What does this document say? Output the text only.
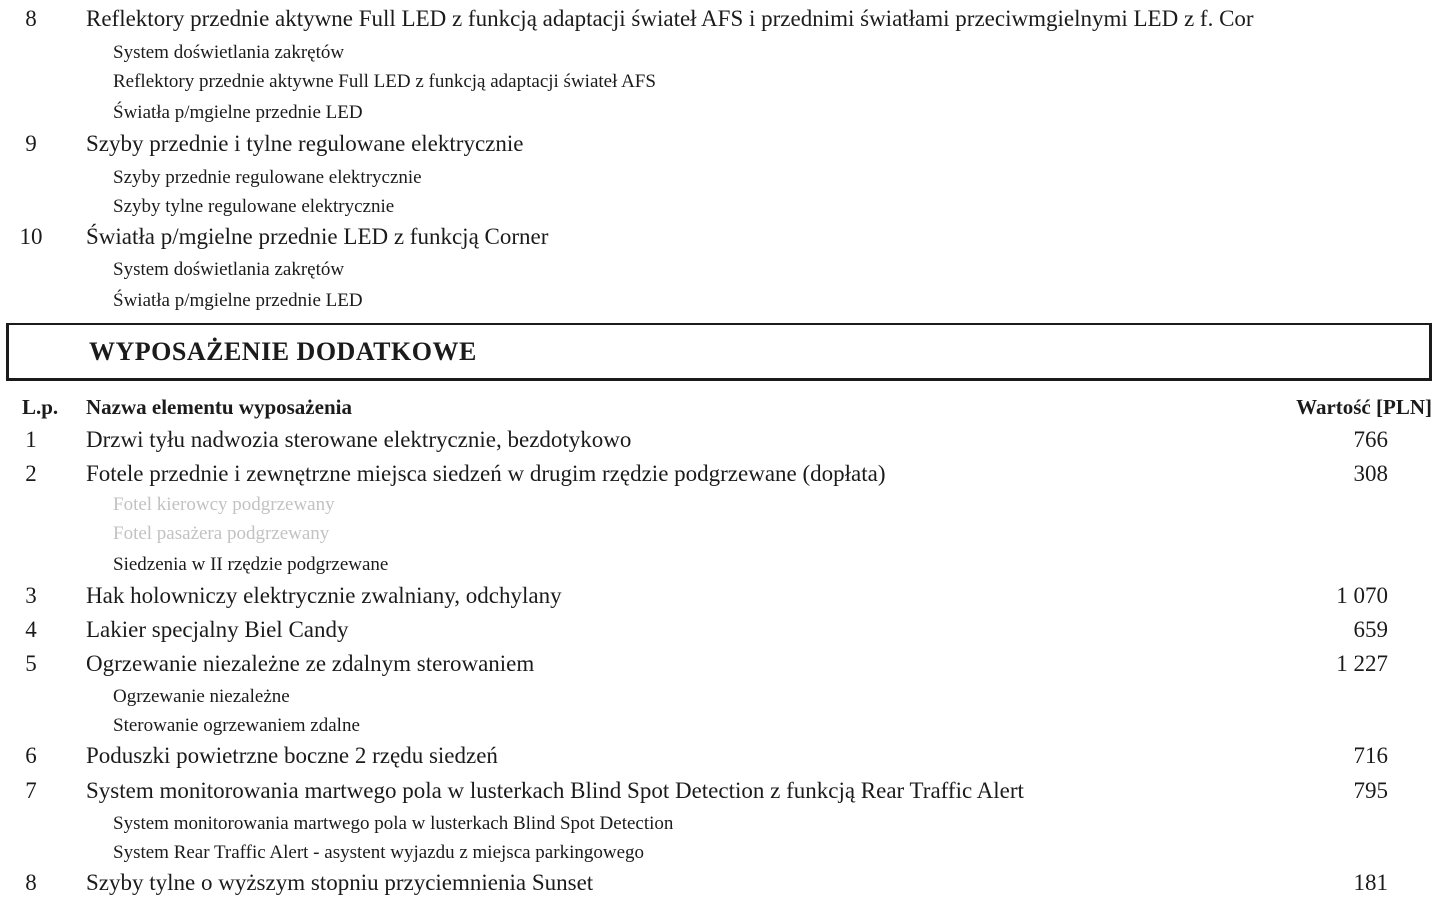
8	Reflektory przednie aktywne Full LED z funkcją adaptacji świateł AFS i przednimi światłami przeciwmgielnymi LED z f. Cor
System doświetlania zakrętów
Reflektory przednie aktywne Full LED z funkcją adaptacji świateł AFS
Światła p/mgielne przednie LED
9	Szyby przednie i tylne regulowane elektrycznie
Szyby przednie regulowane elektrycznie
Szyby tylne regulowane elektrycznie
10	Światła p/mgielne przednie LED z funkcją Corner
System doświetlania zakrętów
Światła p/mgielne przednie LED
WYPOSAŻENIE DODATKOWE
L.p. Nazwa elementu wyposażenia	Wartość [PLN]
1	Drzwi tyłu nadwozia sterowane elektrycznie, bezdotykowo	766
2	Fotele przednie i zewnętrzne miejsca siedzeń w drugim rzędzie podgrzewane (dopłata)	308
Fotel kierowcy podgrzewany
Fotel pasażera podgrzewany
Siedzenia w II rzędzie podgrzewane
3	Hak holowniczy elektrycznie zwalniany, odchylany	1 070
4	Lakier specjalny Biel Candy	659
5	Ogrzewanie niezależne ze zdalnym sterowaniem	1 227
Ogrzewanie niezależne
Sterowanie ogrzewaniem zdalne
6	Poduszki powietrzne boczne 2 rzędu siedzeń	716
7	System monitorowania martwego pola w lusterkach Blind Spot Detection z funkcją Rear Traffic Alert	795
System monitorowania martwego pola w lusterkach Blind Spot Detection
System Rear Traffic Alert - asystent wyjazdu z miejsca parkingowego
8	Szyby tylne o wyższym stopniu przyciemnienia Sunset	181
